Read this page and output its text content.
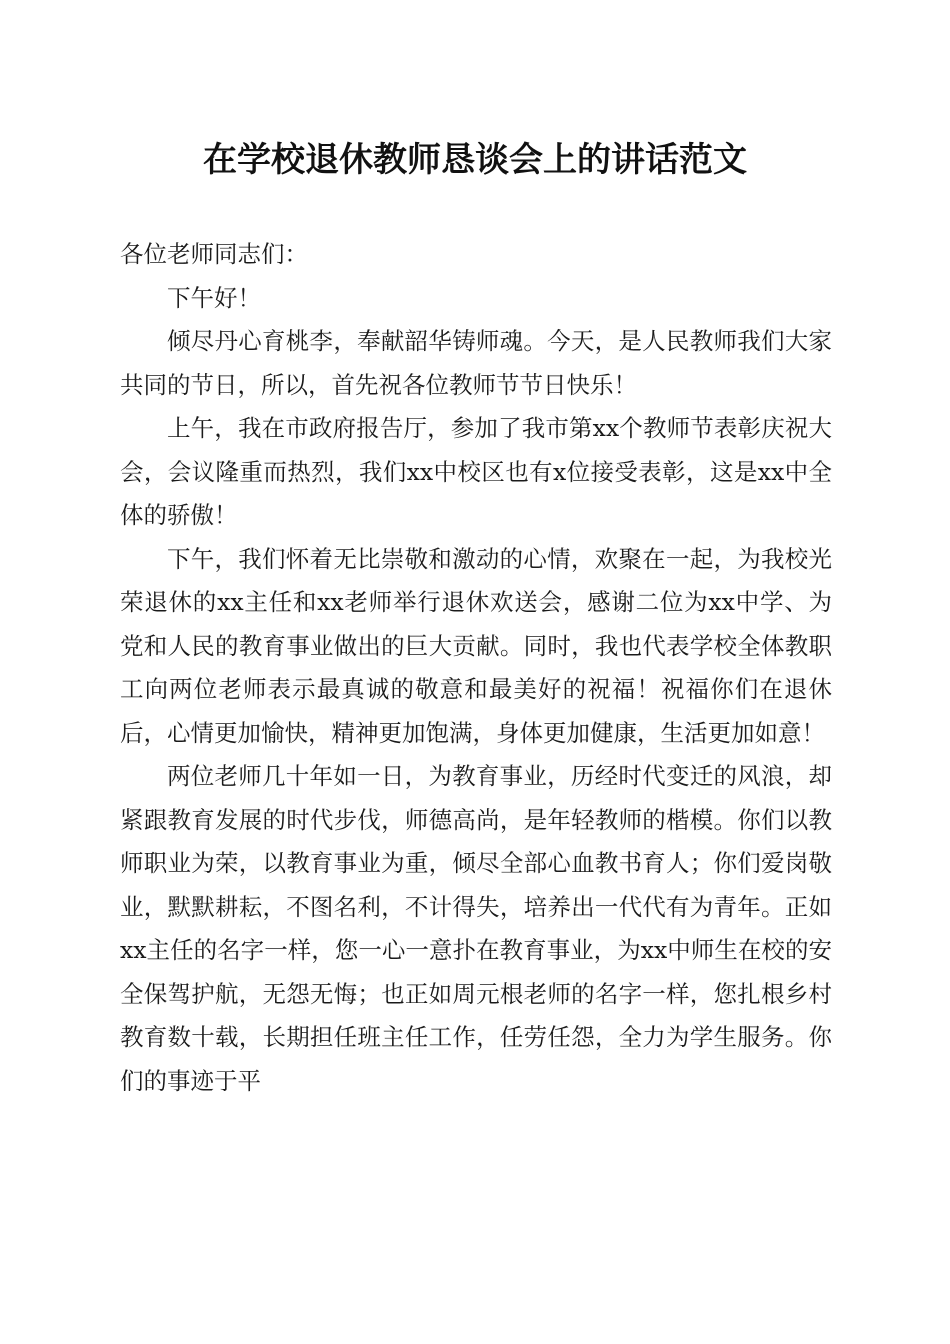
在学校退休教师恳谈会上的讲话范文

各位老师同志们：

下午好！

倾尽丹心育桃李，奉献韶华铸师魂。今天，是人民教师我们大家共同的节日，所以，首先祝各位教师节节日快乐！

上午，我在市政府报告厅，参加了我市第xx个教师节表彰庆祝大会，会议隆重而热烈，我们xx中校区也有x位接受表彰，这是xx中全体的骄傲！

下午，我们怀着无比崇敬和激动的心情，欢聚在一起，为我校光荣退休的xx主任和xx老师举行退休欢送会，感谢二位为xx中学、为党和人民的教育事业做出的巨大贡献。同时，我也代表学校全体教职工向两位老师表示最真诚的敬意和最美好的祝福！祝福你们在退休后，心情更加愉快，精神更加饱满，身体更加健康，生活更加如意！

两位老师几十年如一日，为教育事业，历经时代变迁的风浪，却紧跟教育发展的时代步伐，师德高尚，是年轻教师的楷模。你们以教师职业为荣，以教育事业为重，倾尽全部心血教书育人；你们爱岗敬业，默默耕耘，不图名利，不计得失，培养出一代代有为青年。正如xx主任的名字一样，您一心一意扑在教育事业，为xx中师生在校的安全保驾护航，无怨无悔；也正如周元根老师的名字一样，您扎根乡村教育数十载，长期担任班主任工作，任劳任怨，全力为学生服务。你们的事迹于平
